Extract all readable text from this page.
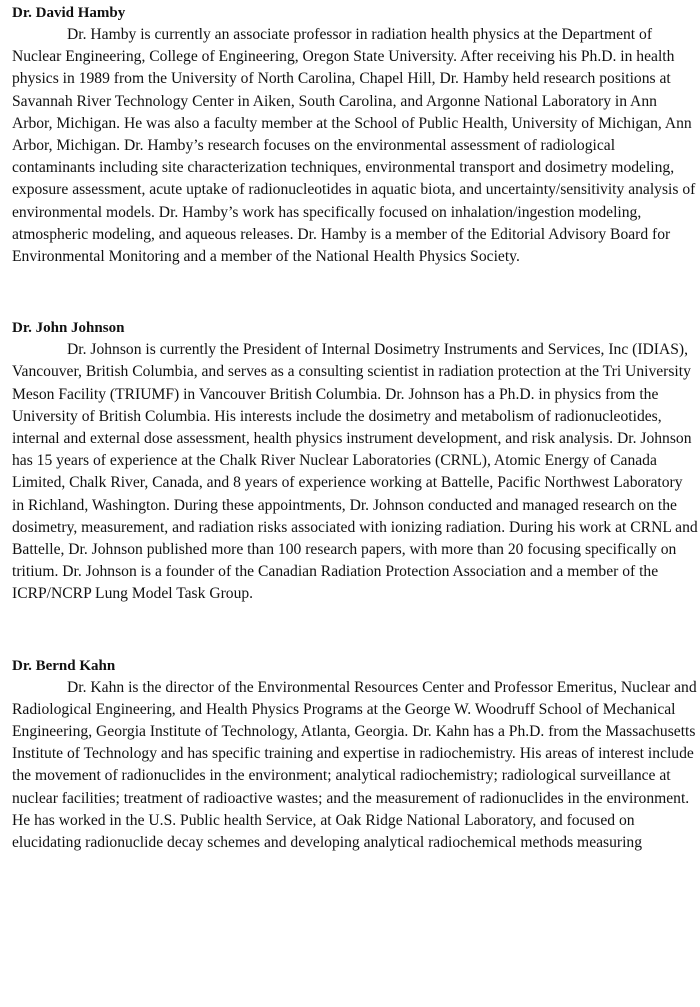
Dr. David Hamby

Dr. Hamby is currently an associate professor in radiation health physics at the Department of Nuclear Engineering, College of Engineering, Oregon State University. After receiving his Ph.D. in health physics in 1989 from the University of North Carolina, Chapel Hill, Dr. Hamby held research positions at Savannah River Technology Center in Aiken, South Carolina, and Argonne National Laboratory in Ann Arbor, Michigan. He was also a faculty member at the School of Public Health, University of Michigan, Ann Arbor, Michigan. Dr. Hamby’s research focuses on the environmental assessment of radiological contaminants including site characterization techniques, environmental transport and dosimetry modeling, exposure assessment, acute uptake of radionucleotides in aquatic biota, and uncertainty/sensitivity analysis of environmental models. Dr. Hamby’s work has specifically focused on inhalation/ingestion modeling, atmospheric modeling, and aqueous releases. Dr. Hamby is a member of the Editorial Advisory Board for Environmental Monitoring and a member of the National Health Physics Society.

Dr. John Johnson

Dr. Johnson is currently the President of Internal Dosimetry Instruments and Services, Inc (IDIAS), Vancouver, British Columbia, and serves as a consulting scientist in radiation protection at the Tri University Meson Facility (TRIUMF) in Vancouver British Columbia. Dr. Johnson has a Ph.D. in physics from the University of British Columbia. His interests include the dosimetry and metabolism of radionucleotides, internal and external dose assessment, health physics instrument development, and risk analysis. Dr. Johnson has 15 years of experience at the Chalk River Nuclear Laboratories (CRNL), Atomic Energy of Canada Limited, Chalk River, Canada, and 8 years of experience working at Battelle, Pacific Northwest Laboratory in Richland, Washington. During these appointments, Dr. Johnson conducted and managed research on the dosimetry, measurement, and radiation risks associated with ionizing radiation. During his work at CRNL and Battelle, Dr. Johnson published more than 100 research papers, with more than 20 focusing specifically on tritium. Dr. Johnson is a founder of the Canadian Radiation Protection Association and a member of the ICRP/NCRP Lung Model Task Group.

Dr. Bernd Kahn

Dr. Kahn is the director of the Environmental Resources Center and Professor Emeritus, Nuclear and Radiological Engineering, and Health Physics Programs at the George W. Woodruff School of Mechanical Engineering, Georgia Institute of Technology, Atlanta, Georgia. Dr. Kahn has a Ph.D. from the Massachusetts Institute of Technology and has specific training and expertise in radiochemistry. His areas of interest include the movement of radionuclides in the environment; analytical radiochemistry; radiological surveillance at nuclear facilities; treatment of radioactive wastes; and the measurement of radionuclides in the environment. He has worked in the U.S. Public health Service, at Oak Ridge National Laboratory, and focused on elucidating radionuclide decay schemes and developing analytical radiochemical methods measuring
